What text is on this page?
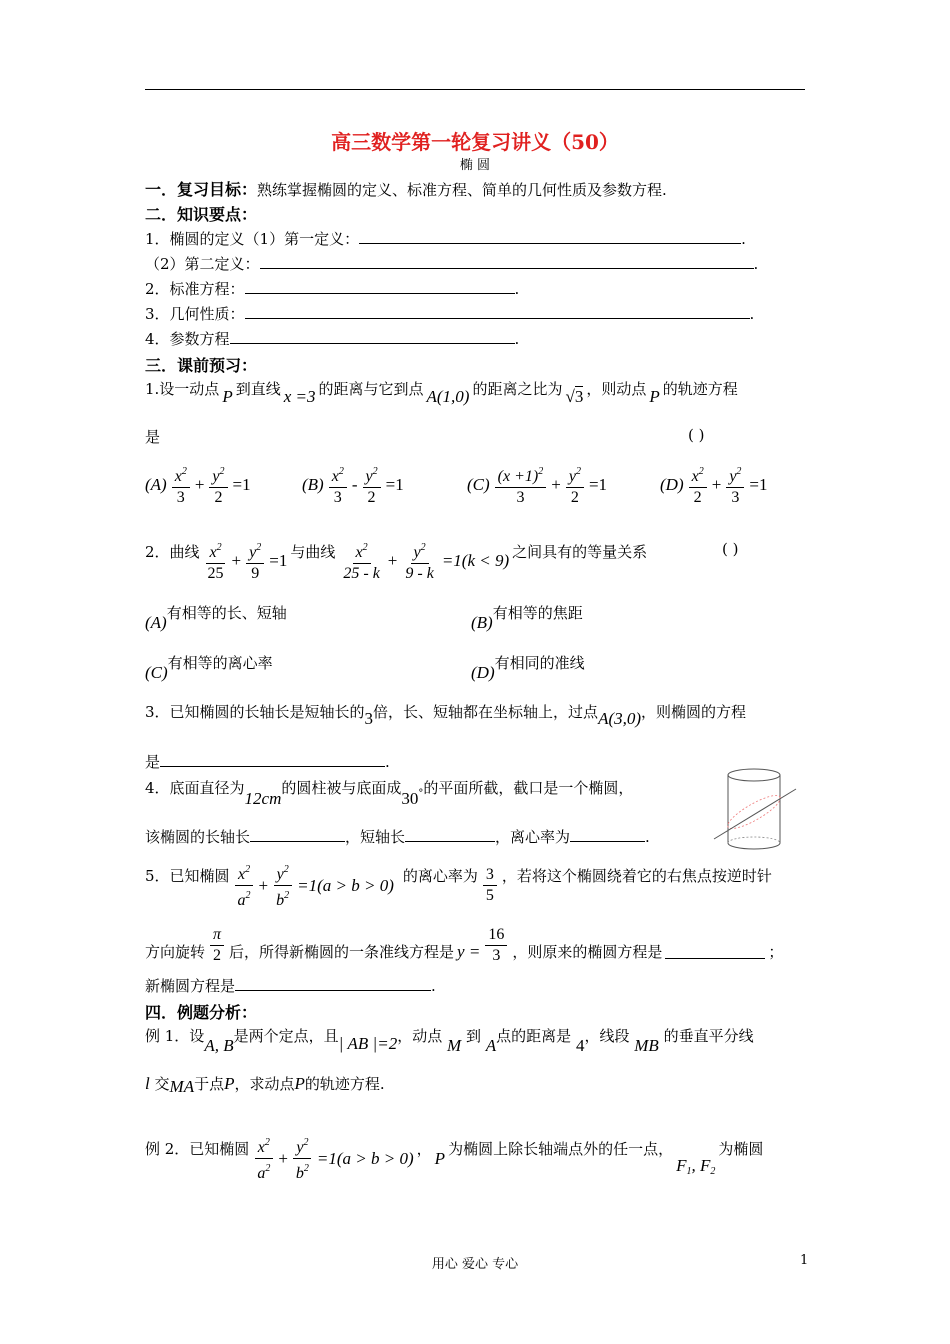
高三数学第一轮复习讲义（50）
椭 圆
一．复习目标：熟练掌握椭圆的定义、标准方程、简单的几何性质及参数方程.
二．知识要点：
1．椭圆的定义（1）第一定义：	.
（2）第二定义：	.
2．标准方程：	.
3．几何性质：	.
4．参数方程	.
三．课前预习：
1.设一动点 P 到直线 x =3 的距离与它到点 A(1,0) 的距离之比为 √3 ，则动点 P 的轨迹方程
是	( )
$(A) \frac{x^2}{3} + \frac{y^2}{2} =1$	$(B) \frac{x^2}{3} - \frac{y^2}{2} =1$	$(C) \frac{(x +1)^2}{3} + \frac{y^2}{2} =1$	$(D) \frac{x^2}{2} + \frac{y^2}{3} =1$
2．曲线 $\frac{x^2}{25} + \frac{y^2}{9} =1$ 与曲线 $\frac{x^2}{25 - k} + \frac{y^2}{9 - k} =1(k < 9)$ 之间具有的等量关系	( )
(A)有相等的长、短轴	(B)有相等的焦距
(C)有相等的离心率	(D)有相同的准线
3．已知椭圆的长轴长是短轴长的3倍，长、短轴都在坐标轴上，过点A(3,0)，则椭圆的方程
是	.
4．底面直径为12cm的圆柱被与底面成$30^\circ$的平面所截，截口是一个椭圆，
该椭圆的长轴长	，短轴长	，离心率为	.
5．已知椭圆 $\frac{x^2}{a^2} + \frac{y^2}{b^2} =1(a > b > 0)$ 的离心率为 $\frac{3}{5}$ ，若将这个椭圆绕着它的右焦点按逆时针
方向旋转 $\frac{\pi}{2}$ 后，所得新椭圆的一条准线方程是 $y = \frac{16}{3}$ ，则原来的椭圆方程是	；
新椭圆方程是	.
四．例题分析：
例 1．设A, B是两个定点，且| AB |=2，动点 M 到 A点的距离是 4，线段 MB 的垂直平分线
l 交MA于点P，求动点P的轨迹方程.
例 2．已知椭圆 $\frac{x^2}{a^2} + \frac{y^2}{b^2} =1(a > b > 0)$ ， P 为椭圆上除长轴端点外的任一点，
$F_1$, $F_2$
为椭圆
用心 爱心 专心	1
